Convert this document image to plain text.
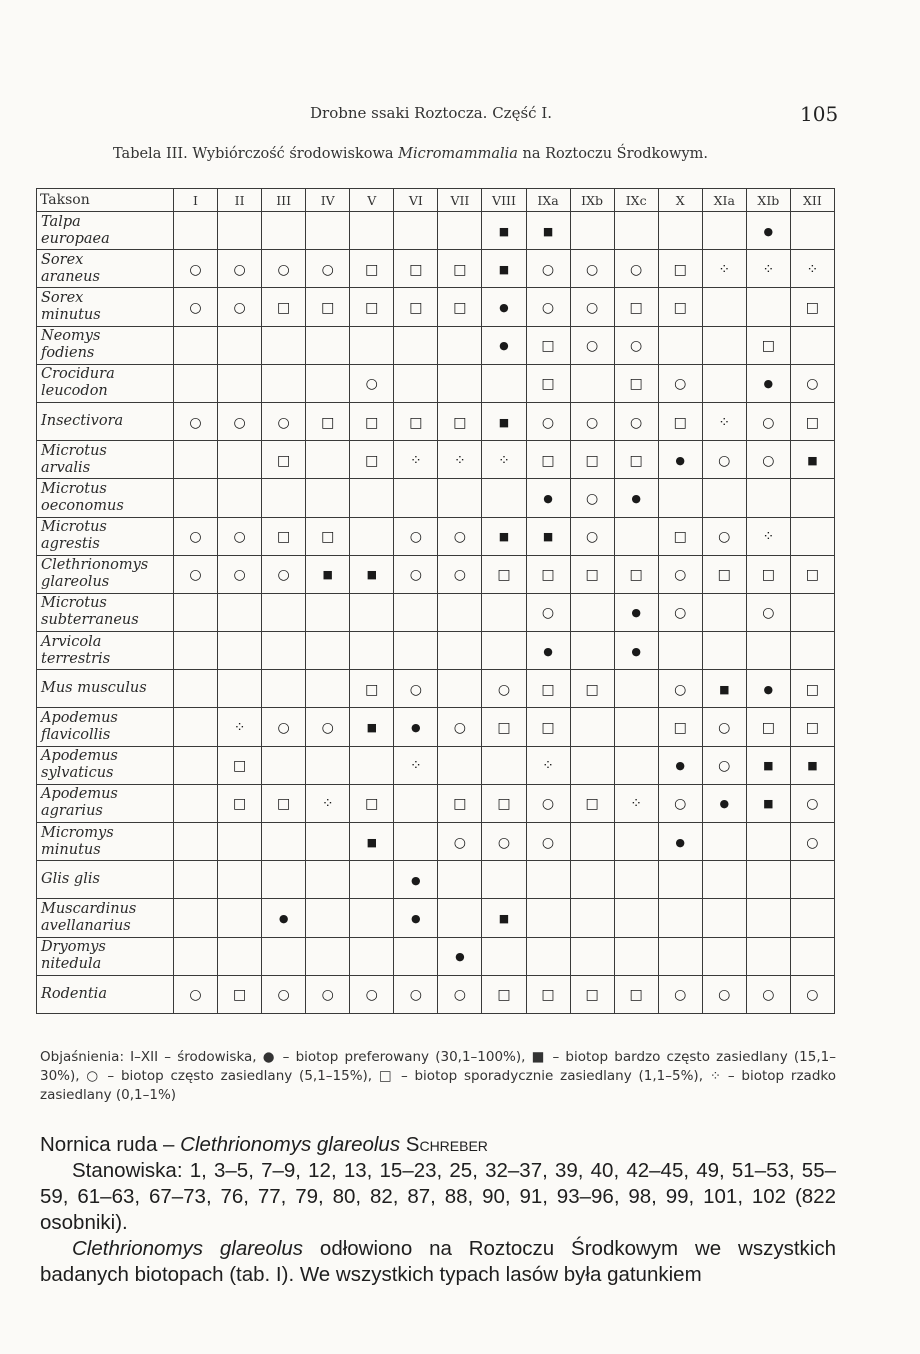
Drobne ssaki Roztocza. Część I.	105
Tabela III. Wybiórczość środowiskowa Micromammalia na Roztoczu Środkowym.
Takson	I	II	III	IV	V	VI	VII	VIII	IXa	IXb	IXc	X	XIa	XIb	XII
Talpa
europaea								■	■					●	
Sorex
araneus	○	○	○	○	□	□	□	■	○	○	○	□	⁘	⁘	⁘
Sorex
minutus	○	○	□	□	□	□	□	●	○	○	□	□			□
Neomys
fodiens								●	□	○	○			□	
Crocidura
leucodon					○				□		□	○		●	○
Insectivora	○	○	○	□	□	□	□	■	○	○	○	□	⁘	○	□
Microtus
arvalis			□		□	⁘	⁘	⁘	□	□	□	●	○	○	■
Microtus
oeconomus									●	○	●				
Microtus
agrestis	○	○	□	□		○	○	■	■	○		□	○	⁘	
Clethrionomys
glareolus	○	○	○	■	■	○	○	□	□	□	□	○	□	□	□
Microtus
subterraneus									○		●	○		○	
Arvicola
terrestris									●		●				
Mus musculus					□	○		○	□	□		○	■	●	□
Apodemus
flavicollis		⁘	○	○	■	●	○	□	□			□	○	□	□
Apodemus
sylvaticus		□				⁘			⁘			●	○	■	■
Apodemus
agrarius		□	□	⁘	□		□	□	○	□	⁘	○	●	■	○
Micromys
minutus					■		○	○	○			●			○
Glis glis						●									
Muscardinus
avellanarius			●			●		■							
Dryomys
nitedula							●								
Rodentia	○	□	○	○	○	○	○	□	□	□	□	○	○	○	○
Objaśnienia: I–XII – środowiska, ● – biotop preferowany (30,1–100%), ■ – biotop bardzo często zasiedlany (15,1–30%), ○ – biotop często zasiedlany (5,1–15%), □ – biotop sporadycznie zasiedlany (1,1–5%), ⁘ – biotop rzadko zasiedlany (0,1–1%)

Nornica ruda – Clethrionomys glareolus Schreber

Stanowiska: 1, 3–5, 7–9, 12, 13, 15–23, 25, 32–37, 39, 40, 42–45, 49, 51–53, 55–59, 61–63, 67–73, 76, 77, 79, 80, 82, 87, 88, 90, 91, 93–96, 98, 99, 101, 102 (822 osobniki).

Clethrionomys glareolus odłowiono na Roztoczu Środkowym we wszystkich badanych biotopach (tab. I). We wszystkich typach lasów była gatunkiem
